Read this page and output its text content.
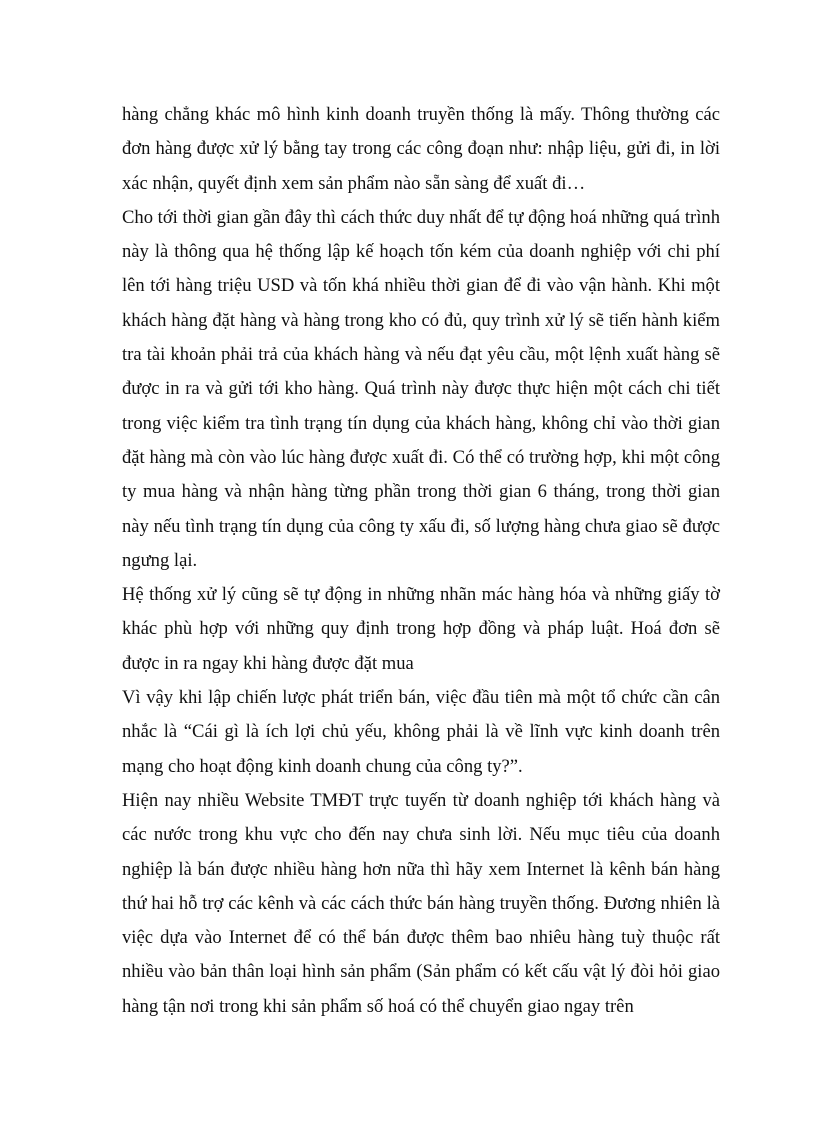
hàng chẳng khác mô hình kinh doanh truyền thống là mấy. Thông thường các đơn hàng được xử lý bằng tay trong các công đoạn như: nhập liệu, gửi đi, in lời xác nhận, quyết định xem sản phẩm nào sẵn sàng để xuất đi…

Cho tới thời gian gần đây thì cách thức duy nhất để tự động hoá những quá trình này là thông qua hệ thống lập kế hoạch tốn kém của doanh nghiệp với chi phí lên tới hàng triệu USD và tốn khá nhiều thời gian để đi vào vận hành. Khi một khách hàng đặt hàng và hàng trong kho có đủ, quy trình xử lý sẽ tiến hành kiểm tra tài khoản phải trả của khách hàng và nếu đạt yêu cầu, một lệnh xuất hàng sẽ được in ra và gửi tới kho hàng. Quá trình này được thực hiện một cách chi tiết trong việc kiểm tra tình trạng tín dụng của khách hàng, không chỉ vào thời gian đặt hàng mà còn vào lúc hàng được xuất đi. Có thể có trường hợp, khi một công ty mua hàng và nhận hàng từng phần trong thời gian 6 tháng, trong thời gian này nếu tình trạng tín dụng của công ty xấu đi, số lượng hàng chưa giao sẽ được ngưng lại.

Hệ thống xử lý cũng sẽ tự động in những nhãn mác hàng hóa và những giấy tờ khác phù hợp với những quy định trong hợp đồng và pháp luật. Hoá đơn sẽ được in ra ngay khi hàng được đặt mua

Vì vậy khi lập chiến lược phát triển bán, việc đầu tiên mà một tổ chức cần cân nhắc là “Cái gì là ích lợi chủ yếu, không phải là về lĩnh vực kinh doanh trên mạng cho hoạt động kinh doanh chung của công ty?”.

Hiện nay nhiều Website TMĐT trực tuyến từ doanh nghiệp tới khách hàng và các nước trong khu vực cho đến nay chưa sinh lời. Nếu mục tiêu của doanh nghiệp là bán được nhiều hàng hơn nữa thì hãy xem Internet là kênh bán hàng thứ hai hỗ trợ các kênh và các cách thức bán hàng truyền thống. Đương nhiên là việc dựa vào Internet để có thể bán được thêm bao nhiêu hàng tuỳ thuộc rất nhiều vào bản thân loại hình sản phẩm (Sản phẩm có kết cấu vật lý đòi hỏi giao hàng tận nơi trong khi sản phẩm số hoá có thể chuyển giao ngay trên
